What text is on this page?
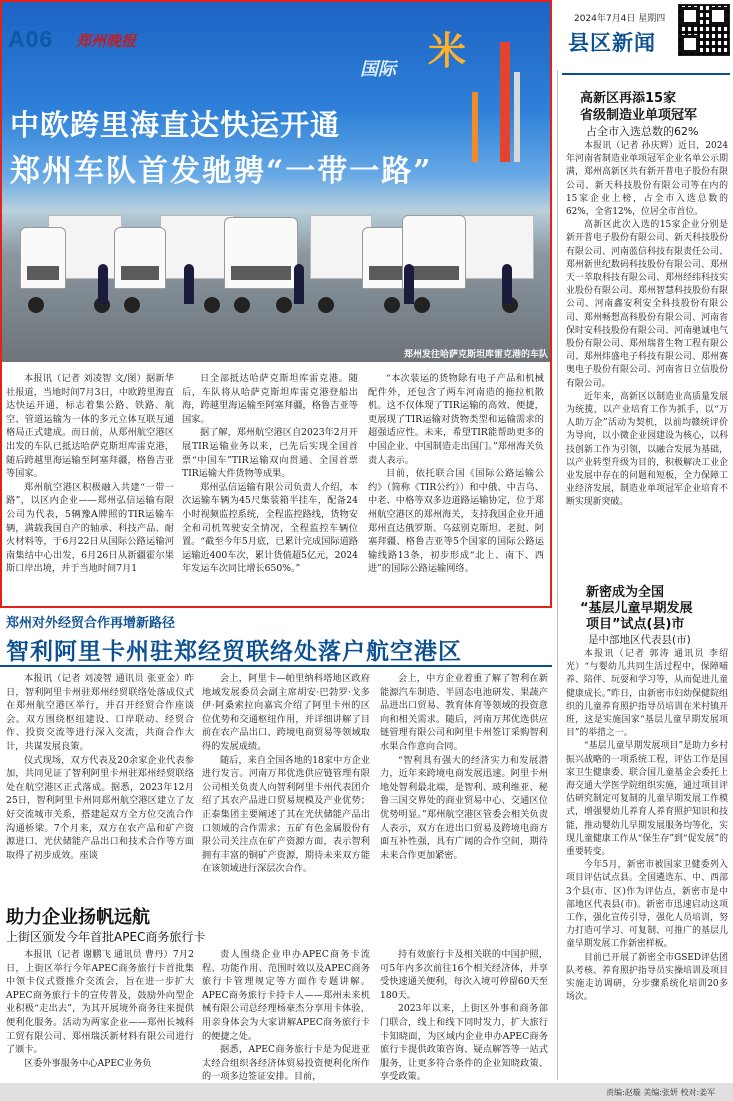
A06 郑州晚报
国际 米
中欧跨里海直达快运开通
郑州车队首发驰骋“一带一路”
郑州发往哈萨克斯坦库雷克港的车队
2024年7月4日 星期四
县区新闻

本报讯（记者 刘凌智 文/图）据新华社报道，当地时间7月3日，中欧跨里海直达快运开通，标志着集公路、铁路、航空、管道运输为一体的多元立体互联互通格局正式建成。而日前，从郑州航空港区出发的车队已抵达哈萨克斯坦库雷克港，随后跨越里海运输至阿塞拜疆，格鲁吉亚等国家。

郑州航空港区积极融入共建“一带一路”，以区内企业——郑州弘信运输有限公司为代表，5辆豫A牌照的TIR运输车辆，满载我国自产的轴承、科技产品、耐火材料等，于6月22日从国际公路运输河南集结中心出发，6月26日从新疆霍尔果斯口岸出境，并于当地时间7月1

日全部抵达哈萨克斯坦库雷克港。随后，车队将从哈萨克斯坦库雷克港登船出海，跨越里海运输至阿塞拜疆，格鲁吉亚等国家。

据了解，郑州航空港区自2023年2月开展TIR运输业务以来，已先后实现全国首票“中国车”TIR运输双向贯通、全国首票TIR运输大件货物等成果。

郑州弘信运输有限公司负责人介绍，本次运输车辆为45尺集装箱半挂车，配备24小时视频监控系统，全程监控路线，货物安全和司机驾驶安全情况，全程监控车辆位置。“截至今年5月底，已累计完成国际道路运输近400车次，累计货值超5亿元，2024年发运车次同比增长650%。”

“本次装运的货物除有电子产品和机械配件外，还包含了两车河南造的拖拉机散机。这不仅体现了TIR运输的高效、便捷，更展现了TIR运输对货物类型和运输需求的超强适应性。未来，希望TIR能帮助更多的中国企业、中国制造走出国门。”郑州海关负责人表示。

目前，依托联合国《国际公路运输公约》（简称《TIR公约》）和中俄、中吉乌、中老、中格等双多边道路运输协定，位于郑州航空港区的郑州海关，支持我国企业开通郑州直达俄罗斯、乌兹别克斯坦、老挝、阿塞拜疆、格鲁吉亚等5个国家的国际公路运输线路13条，初步形成“北上、南下、西进”的国际公路运输网络。

郑州对外经贸合作再增新路径
智利阿里卡州驻郑经贸联络处落户航空港区

本报讯（记者 刘凌智 通讯员 张亚金）昨日，智利阿里卡州驻郑州经贸联络处落成仪式在郑州航空港区举行，并召开经贸合作座谈会。双方围绕枢纽建设、口岸联动、经贸合作、投资交流等进行深入交流，共商合作大计，共谋发展良策。

仪式现场，双方代表及20余家企业代表参加，共同见证了智利阿里卡州驻郑州经贸联络处在航空港区正式落成。据悉，2023年12月25日，智利阿里卡州同郑州航空港区建立了友好交流城市关系，搭建起双方全方位交流合作沟通桥梁。7个月来，双方在农产品和矿产资源进口、光伏储能产品出口和技术合作等方面取得了初步成效。座谈

会上，阿里卡—帕里纳科塔地区政府地域发展委员会副主席胡安·巴勃罗·戈多伊·阿桑索拉向嘉宾介绍了阿里卡州的区位优势和交通枢纽作用，并详细讲解了目前在农产品出口、跨境电商贸易等领域取得的发展成绩。

随后，来自全国各地的18家中方企业进行发言。河南万邦优选供应链管理有限公司相关负责人向智利阿里卡州代表团介绍了其农产品进口贸易规模及产业优势；正泰集团主要阐述了其在光伏储能产品出口领域的合作需求；五矿有色金属股份有限公司关注点在矿产资源方面，表示智利拥有丰富的铜矿产资源，期待未来双方能在该领域进行深层次合作。

会上，中方企业着重了解了智利在新能源汽车制造、半固态电池研发、果蔬产品进出口贸易、教育体育等领域的投资意向和相关需求。随后，河南万邦优选供应链管理有限公司和阿里卡州签订采购智利水果合作意向合同。

“智利具有强大的经济实力和发展潜力，近年来跨境电商发展迅速。阿里卡州地处智利最北端，是智利、玻利维亚、秘鲁三国交界处的商业贸易中心、交通区位优势明显。”郑州航空港区管委会相关负责人表示，双方在进出口贸易及跨境电商方面互补性强，具有广阔的合作空间，期待未来合作更加紧密。

助力企业扬帆远航
上街区颁发今年首批APEC商务旅行卡

本报讯（记者 谢鹏飞 通讯员 曹丹）7月2日，上街区举行今年APEC商务旅行卡首批集中领卡仪式暨推介交流会，旨在进一步扩大APEC商务旅行卡的宣传普及，鼓励外向型企业积极“走出去”，为其开展境外商务往来提供便利化服务。活动为两家企业——郑州长城科工贸有限公司、郑州瑞沃新材料有限公司进行了颁卡。

区委外事服务中心APEC业务负

责人围绕企业申办APEC商务卡流程、功能作用、范围时效以及APEC商务旅行卡管理规定等方面作专题讲解。APEC商务旅行卡持卡人——郑州未来机械有限公司总经理杨豪杰分享用卡体验，用亲身体会为大家讲解APEC商务旅行卡的便捷之处。

据悉，APEC商务旅行卡是为促进亚太经合组织各经济体贸易投资便利化所作的一项多边签证安排。目前，

持有效旅行卡及相关联的中国护照，可5年内多次前往16个相关经济体，并享受快速通关便利，每次入境可停留60天至180天。

2023年以来，上街区外事和商务部门联合，线上和线下同时发力，扩大旅行卡知晓面，为区域内企业申办APEC商务旅行卡提供政策咨询、疑点解答等一站式服务，让更多符合条件的企业知晓政策、享受政策。

高新区再添15家
省级制造业单项冠军
占全市入选总数的62%

本报讯（记者 孙庆辉）近日，2024年河南省制造业单项冠军企业名单公示期满，郑州高新区共有新开普电子股份有限公司、新天科技股份有限公司等在内的15家企业上榜，占全市入选总数的62%，全省12%，位居全市首位。

高新区此次入选的15家企业分别是新开普电子股份有限公司、新天科技股份有限公司、河南蓝信科技有限责任公司、郑州新世纪数码科技股份有限公司、郑州天一萃取科技有限公司、郑州经纬科技实业股份有限公司、郑州智慧科技股份有限公司、河南鑫安利安全科技股份有限公司、郑州畅想高科股份有限公司、河南省保时安科技股份有限公司、河南驰诚电气股份有限公司、郑州瑞普生物工程有限公司、郑州炜盛电子科技有限公司、郑州赛奥电子股份有限公司、河南省日立信股份有限公司。

近年来，高新区以制造业高质量发展为统揽，以产业培育工作为抓手，以“万人助万企”活动为契机，以前均赣统评价为导向，以小微企业园建设为核心，以科技创新工作为引领，以融合发展为基础，以产业转型升级为目的，积极解决工业企业发展中存在的问题和短板，全力保障工业经济发展，制造业单项冠军企业培育不断实现新突破。

新密成为全国
“基层儿童早期发展
项目”试点(县)市
是中部地区代表县(市)

本报讯（记者 郭涛 通讯员 李绍光）“与婴幼儿共同生活过程中，保障哺养、陪伴、玩耍和学习等，从而促进儿童健康成长。”昨日，由新密市妇幼保健院组织的儿童养育照护指导员培训在米村镇开班，这是实施国家“基层儿童早期发展项目”的举措之一。

“基层儿童早期发展项目”是助力乡村振兴战略的一项系统工程，评估工作是国家卫生健康委、联合国儿童基金会委托上海交通大学医学院组织实施，通过项目评估研究制定可复制的儿童早期发展工作模式，增强婴幼儿养育人养育照护知识和技能，推动婴幼儿早期发展服务均等化，实现儿童健康工作从“保生存”到“促发展”的重要转变。

今年5月，新密市被国家卫健委列入项目评估试点县。全国遴选东、中、西部3个县(市、区)作为评估点，新密市是中部地区代表县(市)。新密市迅速启动这项工作，强化宣传引导，强化人员培训，努力打造可学习、可复制、可推广的基层儿童早期发展工作新密样板。

目前已开展了新密全市GSED评估团队考核、养育照护指导员实操培训及项目实施走访调研，分步骤系统化培训20多场次。

责编:赵璇 美编:张妍 校对:姜军
